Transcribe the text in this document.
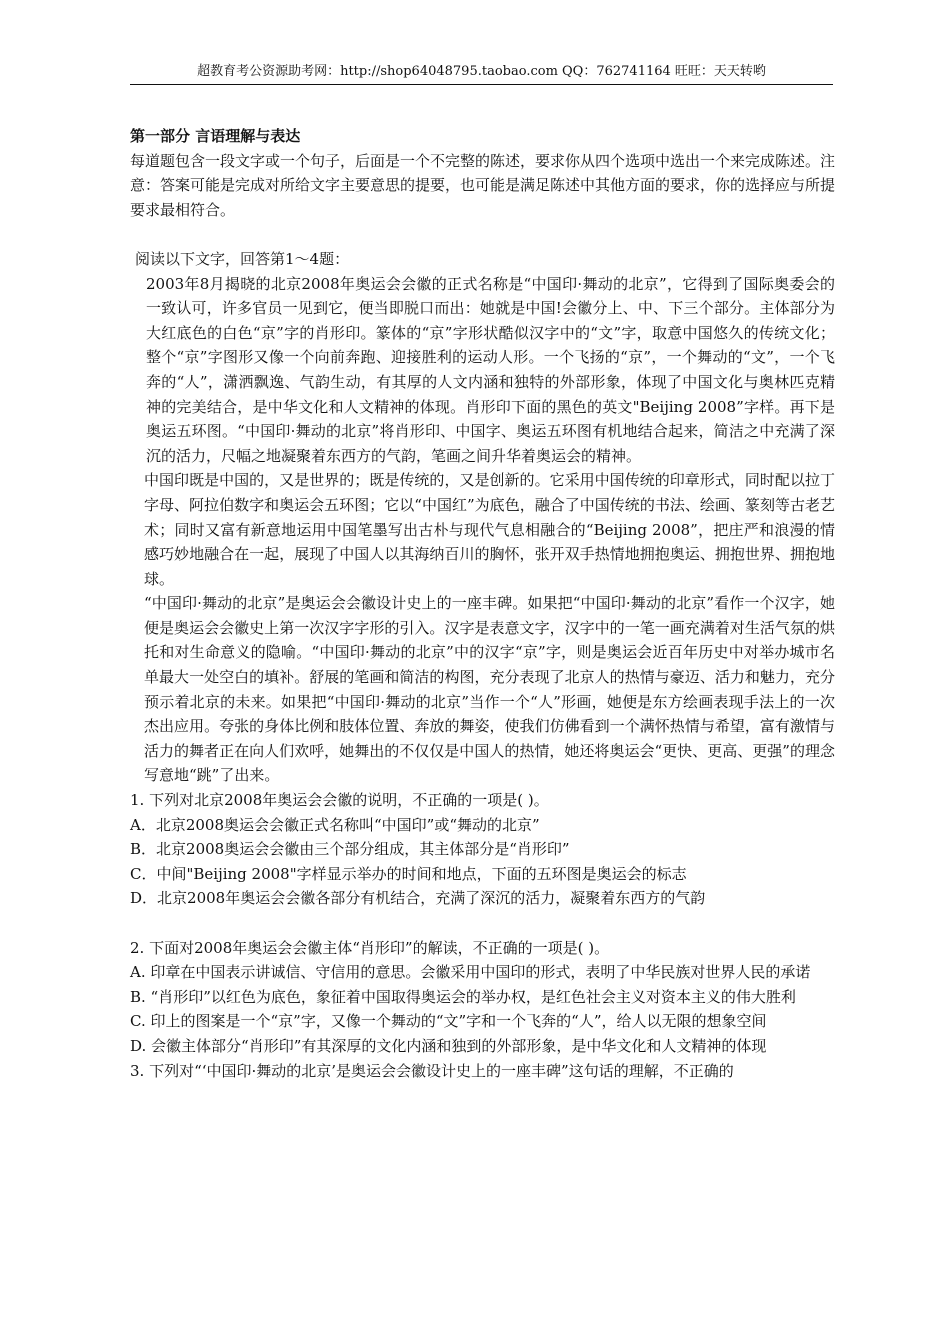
超教育考公资源助考网：http://shop64048795.taobao.com QQ：762741164 旺旺：天天转哟

第一部分 言语理解与表达

每道题包含一段文字或一个句子，后面是一个不完整的陈述，要求你从四个选项中选出一个来完成陈述。注意：答案可能是完成对所给文字主要意思的提要，也可能是满足陈述中其他方面的要求，你的选择应与所提要求最相符合。

阅读以下文字，回答第1～4题：

2003年8月揭晓的北京2008年奥运会会徽的正式名称是“中国印·舞动的北京”，它得到了国际奥委会的一致认可，许多官员一见到它，便当即脱口而出：她就是中国!会徽分上、中、下三个部分。主体部分为大红底色的白色“京”字的肖形印。篆体的“京”字形状酷似汉字中的“文”字，取意中国悠久的传统文化；整个“京”字图形又像一个向前奔跑、迎接胜利的运动人形。一个飞扬的“京”，一个舞动的“文”，一个飞奔的“人”，潇洒飘逸、气韵生动，有其厚的人文内涵和独特的外部形象，体现了中国文化与奥林匹克精神的完美结合，是中华文化和人文精神的体现。肖形印下面的黑色的英文"Beijing 2008”字样。再下是奥运五环图。“中国印·舞动的北京”将肖形印、中国字、奥运五环图有机地结合起来，简洁之中充满了深沉的活力，尺幅之地凝聚着东西方的气韵，笔画之间升华着奥运会的精神。

中国印既是中国的，又是世界的；既是传统的，又是创新的。它采用中国传统的印章形式，同时配以拉丁字母、阿拉伯数字和奥运会五环图；它以“中国红”为底色，融合了中国传统的书法、绘画、篆刻等古老艺术；同时又富有新意地运用中国笔墨写出古朴与现代气息相融合的“Beijing 2008”，把庄严和浪漫的情感巧妙地融合在一起，展现了中国人以其海纳百川的胸怀，张开双手热情地拥抱奥运、拥抱世界、拥抱地球。

“中国印·舞动的北京”是奥运会会徽设计史上的一座丰碑。如果把“中国印·舞动的北京”看作一个汉字，她便是奥运会会徽史上第一次汉字字形的引入。汉字是表意文字，汉字中的一笔一画充满着对生活气氛的烘托和对生命意义的隐喻。“中国印·舞动的北京”中的汉字“京”字，则是奥运会近百年历史中对举办城市名单最大一处空白的填补。舒展的笔画和简洁的构图，充分表现了北京人的热情与豪迈、活力和魅力，充分预示着北京的未来。如果把“中国印·舞动的北京”当作一个“人”形画，她便是东方绘画表现手法上的一次杰出应用。夸张的身体比例和肢体位置、奔放的舞姿，使我们仿佛看到一个满怀热情与希望，富有激情与活力的舞者正在向人们欢呼，她舞出的不仅仅是中国人的热情，她还将奥运会“更快、更高、更强”的理念写意地“跳”了出来。

1. 下列对北京2008年奥运会会徽的说明，不正确的一项是( )。

A．北京2008奥运会会徽正式名称叫“中国印”或“舞动的北京”

B．北京2008奥运会会徽由三个部分组成，其主体部分是“肖形印”

C．中间"Beijing 2008"字样显示举办的时间和地点，下面的五环图是奥运会的标志

D．北京2008年奥运会会徽各部分有机结合，充满了深沉的活力，凝聚着东西方的气韵

2. 下面对2008年奥运会会徽主体“肖形印”的解读，不正确的一项是( )。

A. 印章在中国表示讲诚信、守信用的意思。会徽采用中国印的形式，表明了中华民族对世界人民的承诺

B. “肖形印”以红色为底色，象征着中国取得奥运会的举办权，是红色社会主义对资本主义的伟大胜利

C. 印上的图案是一个“京”字，又像一个舞动的“文”字和一个飞奔的“人”，给人以无限的想象空间

D. 会徽主体部分“肖形印”有其深厚的文化内涵和独到的外部形象，是中华文化和人文精神的体现

3. 下列对“‘中国印·舞动的北京’是奥运会会徽设计史上的一座丰碑”这句话的理解，不正确的
